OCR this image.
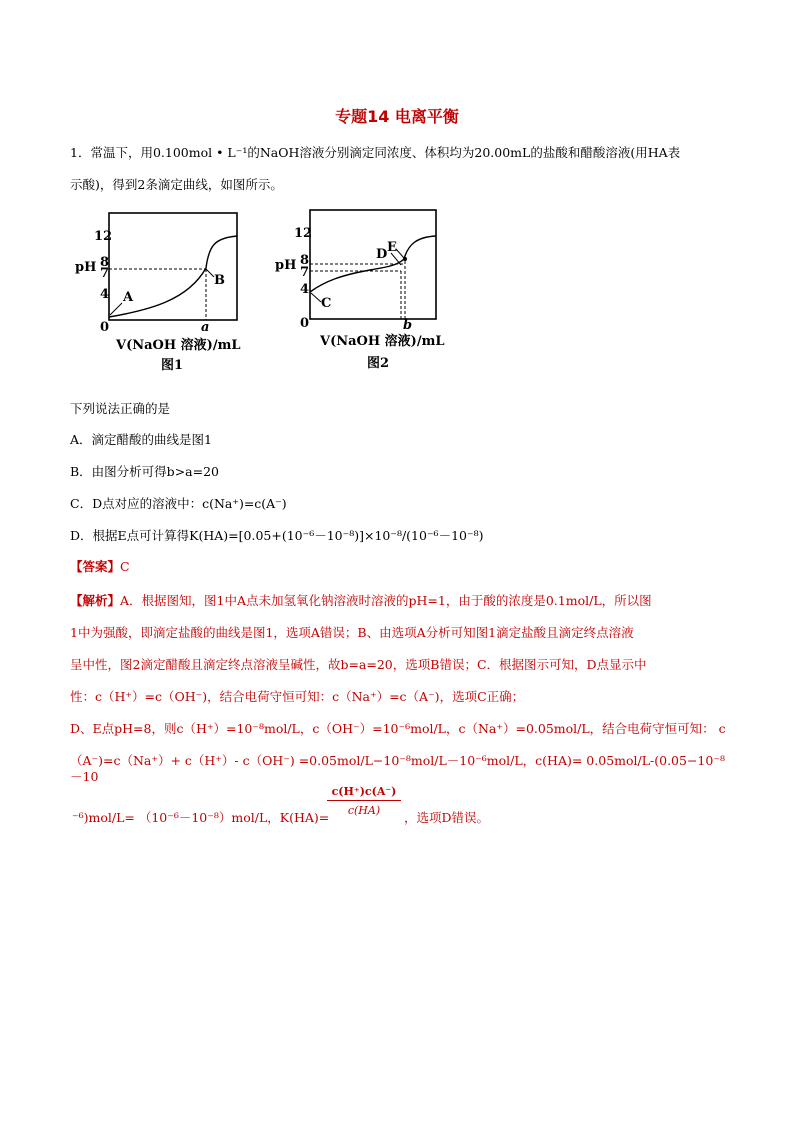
专题14 电离平衡
1．常温下，用0.100mol • L⁻¹的NaOH溶液分别滴定同浓度、体积均为20.00mL的盐酸和醋酸溶液(用HA表
示酸)，得到2条滴定曲线，如图所示。
12
8
pH 7
4
0
A
B
a
V(NaOH 溶液)/mL
图1
12
8
pH 7
4
0
C
D E
b
V(NaOH 溶液)/mL
图2
下列说法正确的是
A．滴定醋酸的曲线是图1
B．由图分析可得b>a=20
C．D点对应的溶液中：c(Na⁺)=c(A⁻)
D．根据E点可计算得K(HA)=[0.05+(10⁻⁶－10⁻⁸)]×10⁻⁸/(10⁻⁶－10⁻⁸)
【答案】C
【解析】A．根据图知，图1中A点未加氢氧化钠溶液时溶液的pH=1，由于酸的浓度是0.1mol/L，所以图
1中为强酸，即滴定盐酸的曲线是图1，选项A错误；B、由选项A分析可知图1滴定盐酸且滴定终点溶液
呈中性，图2滴定醋酸且滴定终点溶液呈碱性，故b=a=20，选项B错误；C．根据图示可知，D点显示中
性：c（H⁺）=c（OH⁻)，结合电荷守恒可知：c（Na⁺）=c（A⁻)，选项C正确；
D、E点pH=8，则c（H⁺）=10⁻⁸mol/L，c（OH⁻）=10⁻⁶mol/L，c（Na⁺）=0.05mol/L，结合电荷守恒可知： c
（A⁻)=c（Na⁺）+ c（H⁺）- c（OH⁻) =0.05mol/L−10⁻⁸mol/L－10⁻⁶mol/L，c(HA)= 0.05mol/L-(0.05−10⁻⁸－10
⁻⁶)mol/L= （10⁻⁶－10⁻⁸）mol/L，K(HA)=
$\frac{c(H^+)c(A^-)}{c(HA)}$
，选项D错误。
